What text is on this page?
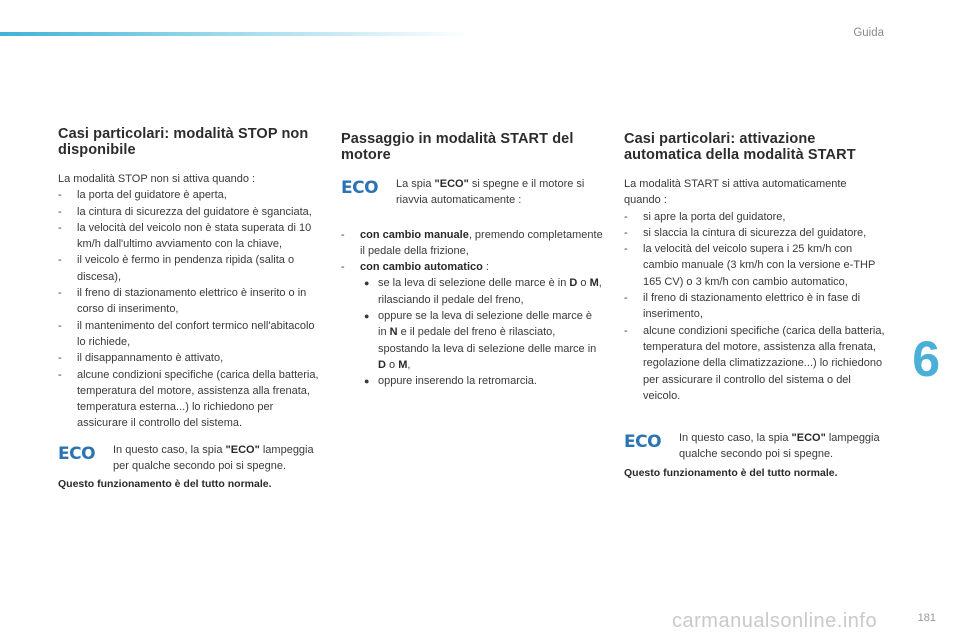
Guida
Casi particolari: modalità STOP non disponibile

La modalità STOP non si attiva quando :

- la porta del guidatore è aperta,
- la cintura di sicurezza del guidatore è sganciata,
- la velocità del veicolo non è stata superata di 10 km/h dall'ultimo avviamento con la chiave,
- il veicolo è fermo in pendenza ripida (salita o discesa),
- il freno di stazionamento elettrico è inserito o in corso di inserimento,
- il mantenimento del confort termico nell'abitacolo lo richiede,
- il disappannamento è attivato,
- alcune condizioni specifiche (carica della batteria, temperatura del motore, assistenza alla frenata, temperatura esterna...) lo richiedono per assicurare il controllo del sistema.
ECO In questo caso, la spia "ECO" lampeggia per qualche secondo poi si spegne.
Questo funzionamento è del tutto normale.
Passaggio in modalità START del motore
ECO La spia "ECO" si spegne e il motore si riavvia automaticamente :
- con cambio manuale, premendo completamente il pedale della frizione,
- con cambio automatico :
● se la leva di selezione delle marce è in D o M, rilasciando il pedale del freno,
● oppure se la leva di selezione delle marce è in N e il pedale del freno è rilasciato, spostando la leva di selezione delle marce in D o M,
● oppure inserendo la retromarcia.
Casi particolari: attivazione automatica della modalità START

La modalità START si attiva automaticamente quando :

- si apre la porta del guidatore,
- si slaccia la cintura di sicurezza del guidatore,
- la velocità del veicolo supera i 25 km/h con cambio manuale (3 km/h con la versione e-THP 165 CV) o 3 km/h con cambio automatico,
- il freno di stazionamento elettrico è in fase di inserimento,
- alcune condizioni specifiche (carica della batteria, temperatura del motore, assistenza alla frenata, regolazione della climatizzazione...) lo richiedono per assicurare il controllo del sistema o del veicolo.
ECO In questo caso, la spia "ECO" lampeggia qualche secondo poi si spegne.
Questo funzionamento è del tutto normale.
6
carmanualsonline.info	181
